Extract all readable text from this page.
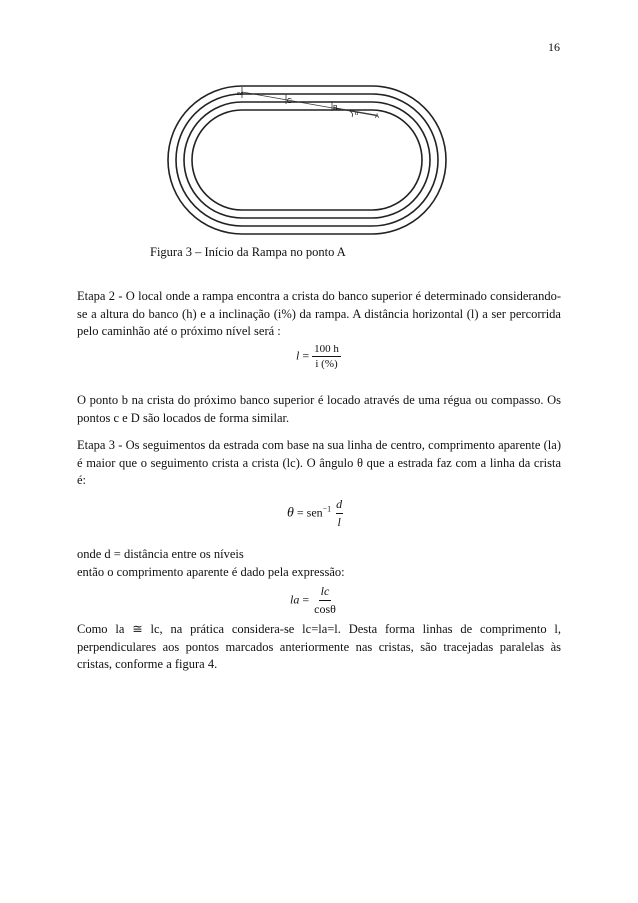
16
sw
C
B
α	A
Figura 3 – Início da Rampa no ponto A

Etapa 2 - O local onde a rampa encontra a crista do banco superior é determinado considerando-se a altura do banco (h) e a inclinação (i%) da rampa. A distância horizontal (l) a ser percorrida pelo caminhão até o próximo nível será :

$l = \frac{100 h}{i (\%)}$

O ponto b na crista do próximo banco superior é locado através de uma régua ou compasso. Os pontos c e D são locados de forma similar.

Etapa 3 - Os seguimentos da estrada com base na sua linha de centro, comprimento aparente (la) é maior que o seguimento crista a crista (lc). O ângulo θ que a estrada faz com a linha da crista é:

$\theta = sen^{-1} \frac{d}{l}$

onde d = distância entre os níveis
então o comprimento aparente é dado pela expressão:

la = $\frac{lc}{\cos\theta}$

Como la ≅ lc, na prática considera-se lc=la=l. Desta forma linhas de comprimento l, perpendiculares aos pontos marcados anteriormente nas cristas, são tracejadas paralelas às cristas, conforme a figura 4.
